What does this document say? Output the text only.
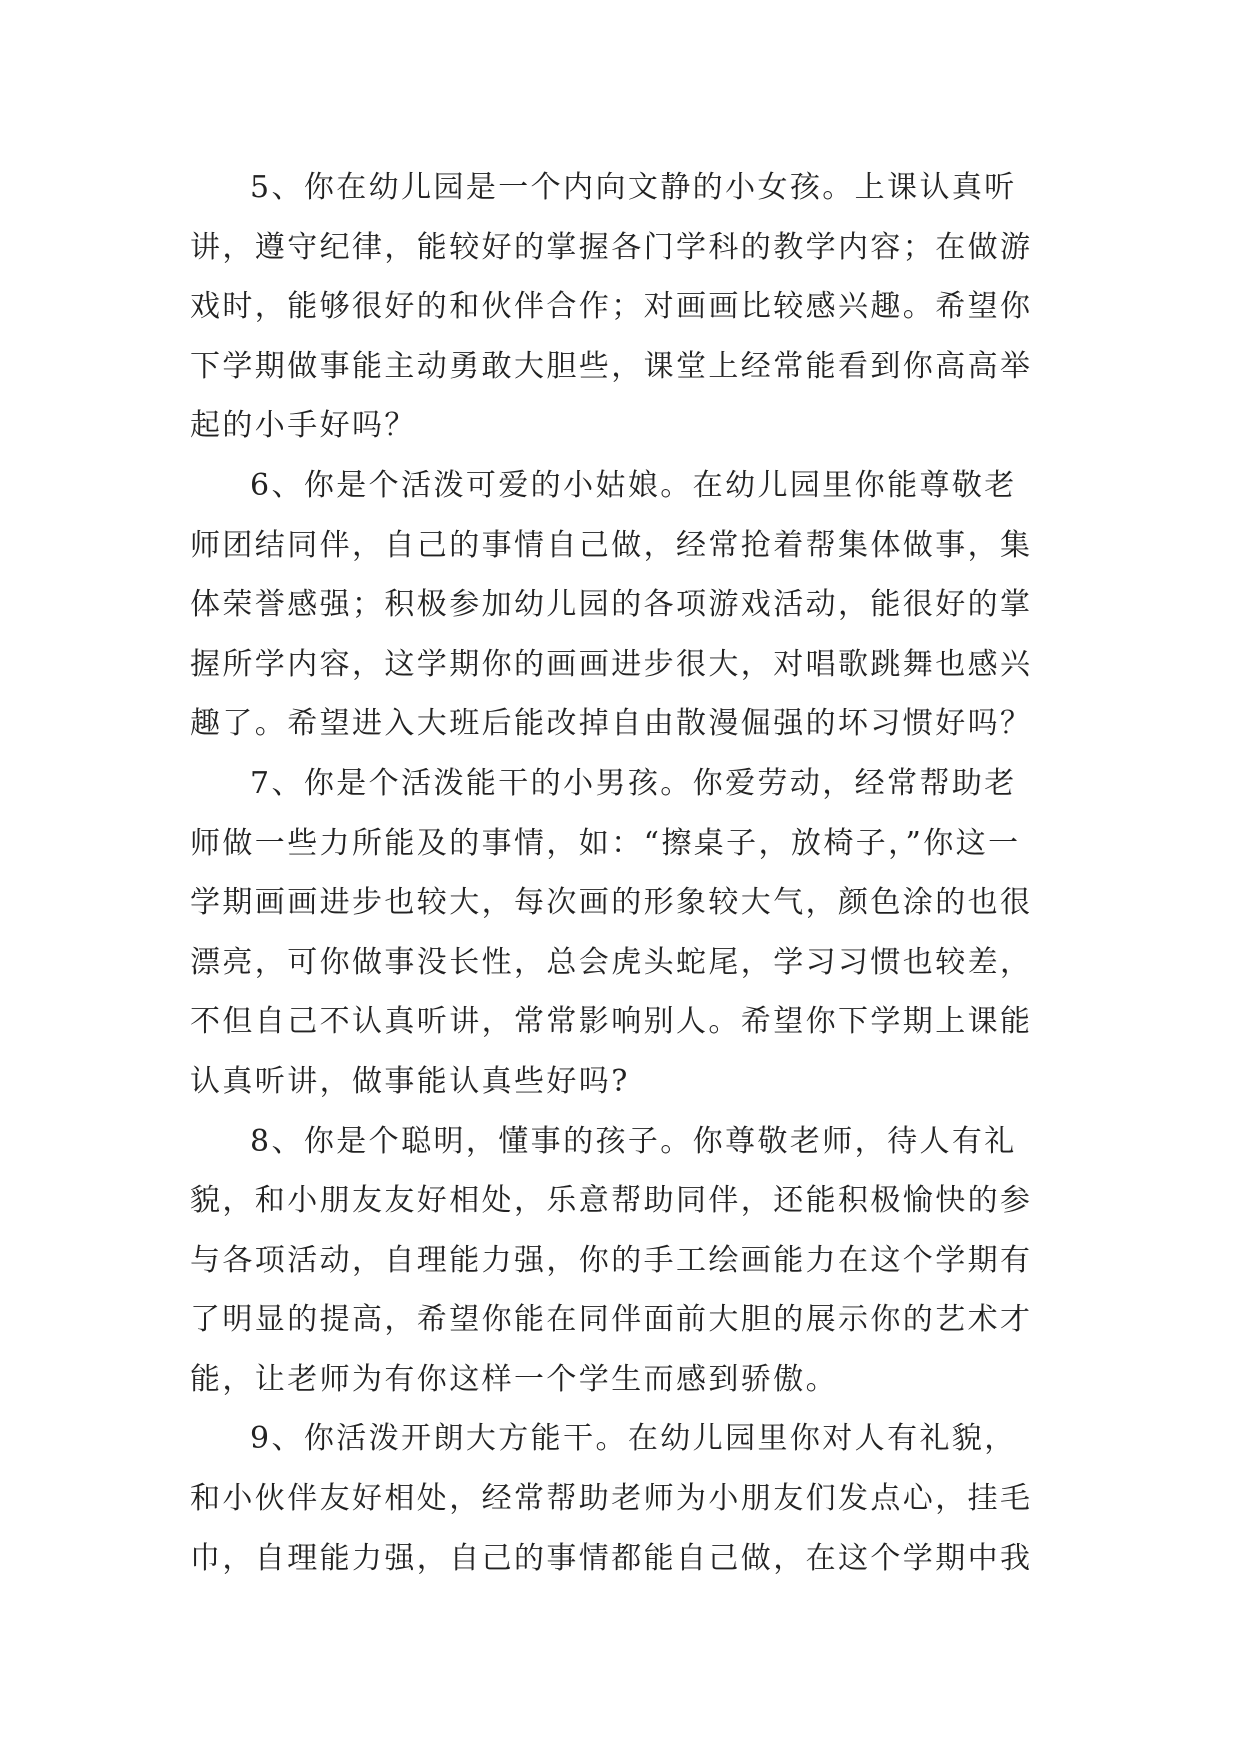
5、你在幼儿园是一个内向文静的小女孩。上课认真听
讲，遵守纪律，能较好的掌握各门学科的教学内容；在做游
戏时，能够很好的和伙伴合作；对画画比较感兴趣。希望你
下学期做事能主动勇敢大胆些，课堂上经常能看到你高高举
起的小手好吗？
6、你是个活泼可爱的小姑娘。在幼儿园里你能尊敬老
师团结同伴，自己的事情自己做，经常抢着帮集体做事，集
体荣誉感强；积极参加幼儿园的各项游戏活动，能很好的掌
握所学内容，这学期你的画画进步很大，对唱歌跳舞也感兴
趣了。希望进入大班后能改掉自由散漫倔强的坏习惯好吗？
7、你是个活泼能干的小男孩。你爱劳动，经常帮助老
师做一些力所能及的事情，如：“擦桌子，放椅子，”你这一
学期画画进步也较大，每次画的形象较大气，颜色涂的也很
漂亮，可你做事没长性，总会虎头蛇尾，学习习惯也较差，
不但自己不认真听讲，常常影响别人。希望你下学期上课能
认真听讲，做事能认真些好吗?
8、你是个聪明，懂事的孩子。你尊敬老师，待人有礼
貌，和小朋友友好相处，乐意帮助同伴，还能积极愉快的参
与各项活动，自理能力强，你的手工绘画能力在这个学期有
了明显的提高，希望你能在同伴面前大胆的展示你的艺术才
能，让老师为有你这样一个学生而感到骄傲。
9、你活泼开朗大方能干。在幼儿园里你对人有礼貌，
和小伙伴友好相处，经常帮助老师为小朋友们发点心，挂毛
巾，自理能力强，自己的事情都能自己做，在这个学期中我
